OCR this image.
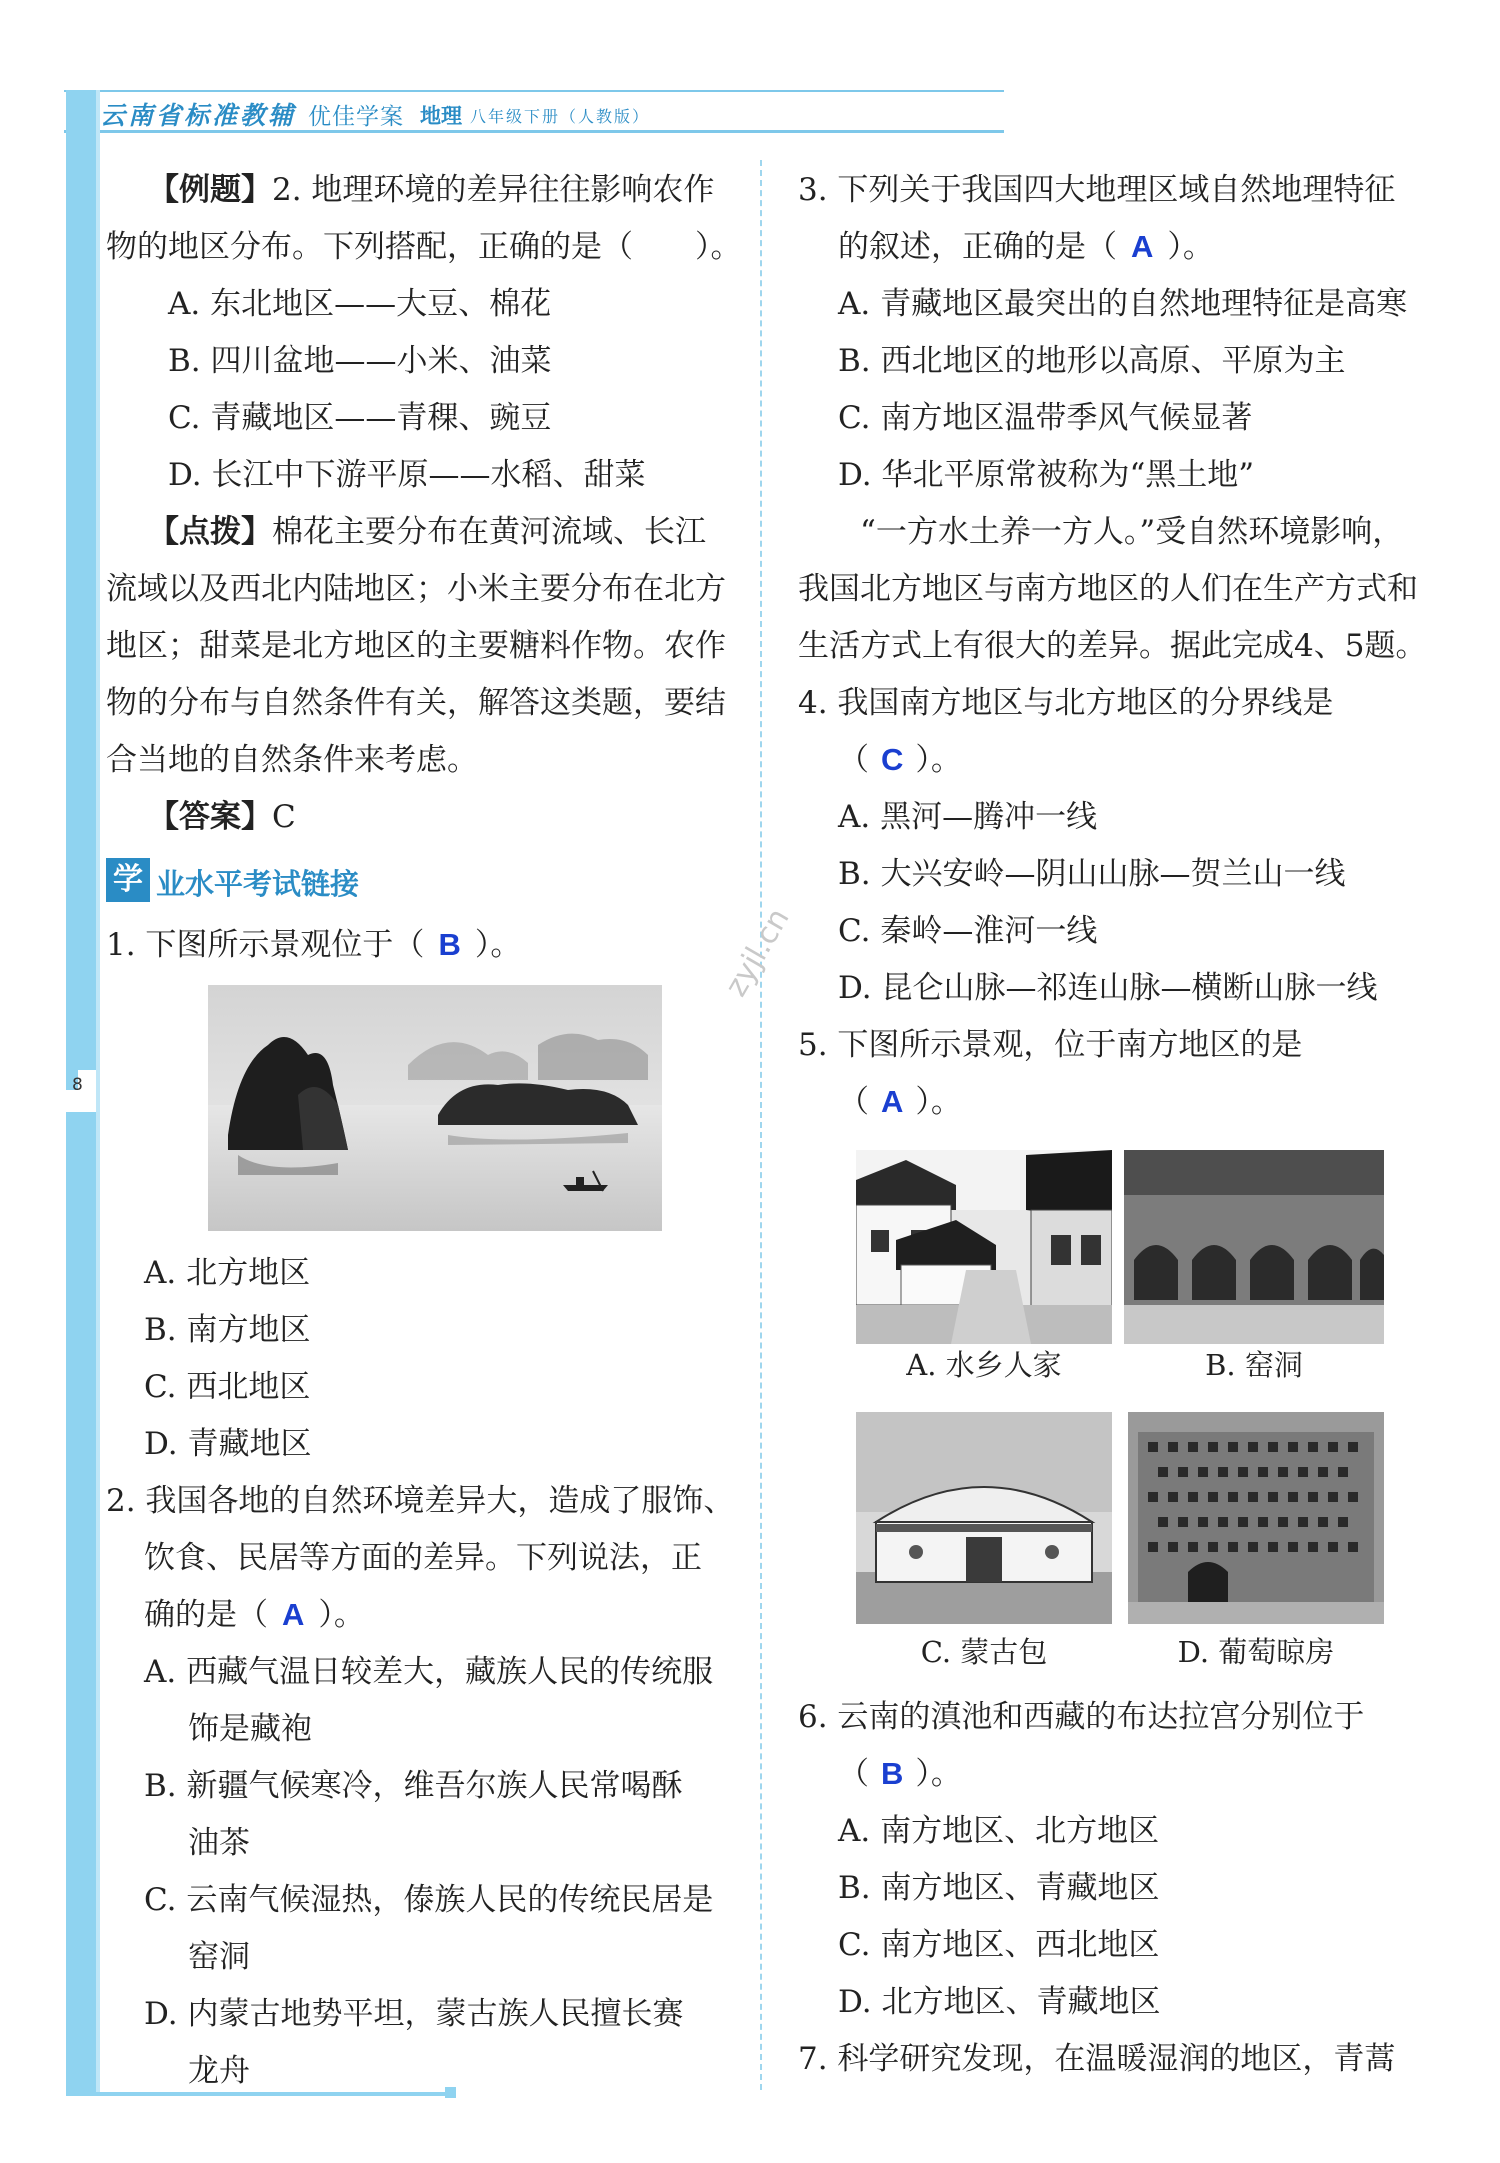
云南省标准教辅 优佳学案 地理 八年级下册（人教版）
8
zyjl.cn
【例题】2. 地理环境的差异往往影响农作
物的地区分布。下列搭配，正确的是（　　）。
A. 东北地区——大豆、棉花
B. 四川盆地——小米、油菜
C. 青藏地区——青稞、豌豆
D. 长江中下游平原——水稻、甜菜
【点拨】棉花主要分布在黄河流域、长江
流域以及西北内陆地区；小米主要分布在北方
地区；甜菜是北方地区的主要糖料作物。农作
物的分布与自然条件有关，解答这类题，要结
合当地的自然条件来考虑。
【答案】C
学 业水平考试链接
1. 下图所示景观位于（ B ）。
A. 北方地区
B. 南方地区
C. 西北地区
D. 青藏地区
2. 我国各地的自然环境差异大，造成了服饰、
饮食、民居等方面的差异。下列说法，正
确的是（ A ）。
A. 西藏气温日较差大，藏族人民的传统服
饰是藏袍
B. 新疆气候寒冷，维吾尔族人民常喝酥
油茶
C. 云南气候湿热，傣族人民的传统民居是
窑洞
D. 内蒙古地势平坦，蒙古族人民擅长赛
龙舟
3. 下列关于我国四大地理区域自然地理特征
的叙述，正确的是（ A ）。
A. 青藏地区最突出的自然地理特征是高寒
B. 西北地区的地形以高原、平原为主
C. 南方地区温带季风气候显著
D. 华北平原常被称为“黑土地”
“一方水土养一方人。”受自然环境影响，
我国北方地区与南方地区的人们在生产方式和
生活方式上有很大的差异。据此完成4、5题。
4. 我国南方地区与北方地区的分界线是
（ C ）。
A. 黑河—腾冲一线
B. 大兴安岭—阴山山脉—贺兰山一线
C. 秦岭—淮河一线
D. 昆仑山脉—祁连山脉—横断山脉一线
5. 下图所示景观，位于南方地区的是
（ A ）。
A. 水乡人家	B. 窑洞
C. 蒙古包	D. 葡萄晾房
6. 云南的滇池和西藏的布达拉宫分别位于
（ B ）。
A. 南方地区、北方地区
B. 南方地区、青藏地区
C. 南方地区、西北地区
D. 北方地区、青藏地区
7. 科学研究发现，在温暖湿润的地区，青蒿
